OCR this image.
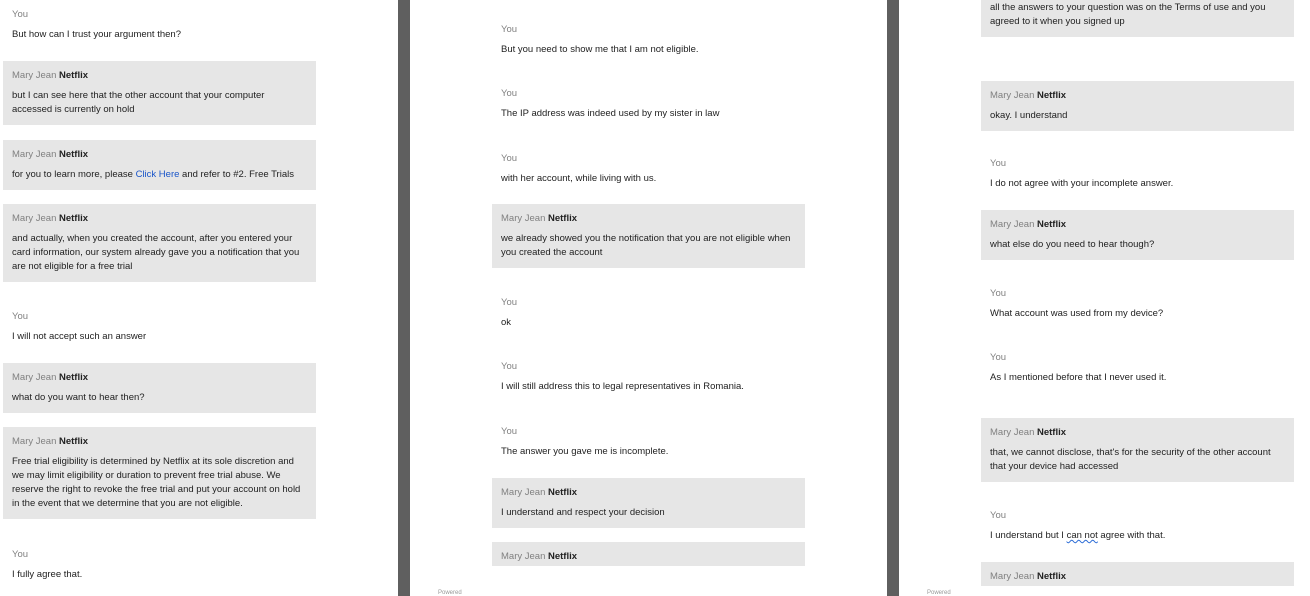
You
But how can I trust your argument then?
Mary Jean Netflix
but I can see here that the other account that your computer accessed is currently on hold
Mary Jean Netflix
for you to learn more, please Click Here and refer to #2. Free Trials
Mary Jean Netflix
and actually, when you created the account, after you entered your card information, our system already gave you a notification that you are not eligible for a free trial
You
I will not accept such an answer
Mary Jean Netflix
what do you want to hear then?
Mary Jean Netflix
Free trial eligibility is determined by Netflix at its sole discretion and we may limit eligibility or duration to prevent free trial abuse. We reserve the right to revoke the free trial and put your account on hold in the event that we determine that you are not eligible.
You
I fully agree that.
You
But you need to show me that I am not eligible.
You
The IP address was indeed used by my sister in law
You
with her account, while living with us.
Mary Jean Netflix
we already showed you the notification that you are not eligible when you created the account
You
ok
You
I will still address this to legal representatives in Romania.
You
The answer you gave me is incomplete.
Mary Jean Netflix
I understand and respect your decision
Mary Jean Netflix
Powered
all the answers to your question was on the Terms of use and you agreed to it when you signed up
Mary Jean Netflix
okay. I understand
You
I do not agree with your incomplete answer.
Mary Jean Netflix
what else do you need to hear though?
You
What account was used from my device?
You
As I mentioned before that I never used it.
Mary Jean Netflix
that, we cannot disclose, that's for the security of the other account that your device had accessed
You
I understand but I can not agree with that.
Mary Jean Netflix
Powered
